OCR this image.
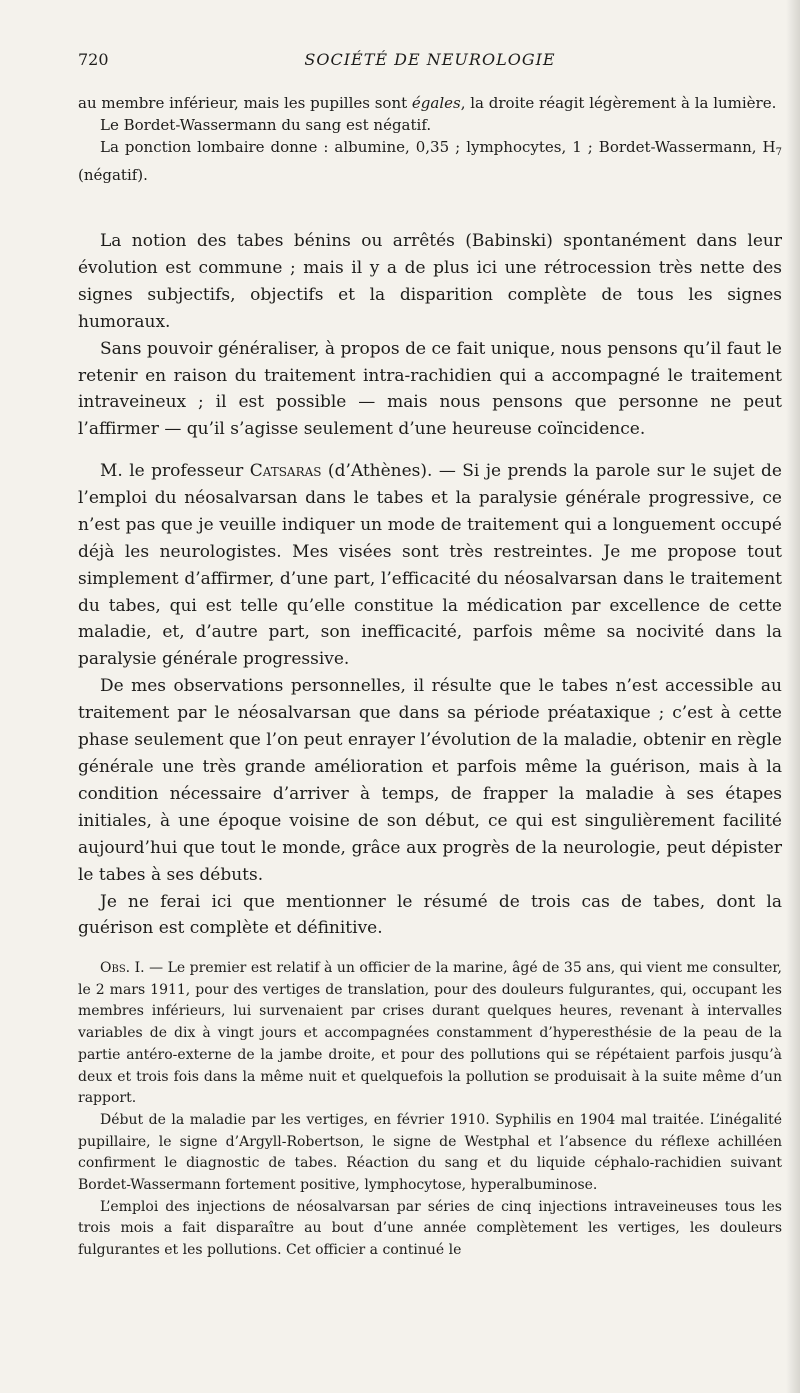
720	SOCIÉTÉ DE NEUROLOGIE

au membre inférieur, mais les pupilles sont égales, la droite réagit légèrement à la lumière.

Le Bordet-Wassermann du sang est négatif.

La ponction lombaire donne : albumine, 0,35 ; lymphocytes, 1 ; Bordet-Wassermann, $H_7$ (négatif).

La notion des tabes bénins ou arrêtés (Babinski) spontanément dans leur évolution est commune ; mais il y a de plus ici une rétrocession très nette des signes subjectifs, objectifs et la disparition complète de tous les signes humoraux.

Sans pouvoir généraliser, à propos de ce fait unique, nous pensons qu’il faut le retenir en raison du traitement intra-rachidien qui a accompagné le traitement intraveineux ; il est possible — mais nous pensons que personne ne peut l’affirmer — qu’il s’agisse seulement d’une heureuse coïncidence.

M. le professeur Catsaras (d’Athènes). — Si je prends la parole sur le sujet de l’emploi du néosalvarsan dans le tabes et la paralysie générale progressive, ce n’est pas que je veuille indiquer un mode de traitement qui a longuement occupé déjà les neurologistes. Mes visées sont très restreintes. Je me propose tout simplement d’affirmer, d’une part, l’efficacité du néosalvarsan dans le traitement du tabes, qui est telle qu’elle constitue la médication par excellence de cette maladie, et, d’autre part, son inefficacité, parfois même sa nocivité dans la paralysie générale progressive.

De mes observations personnelles, il résulte que le tabes n’est accessible au traitement par le néosalvarsan que dans sa période préataxique ; c’est à cette phase seulement que l’on peut enrayer l’évolution de la maladie, obtenir en règle générale une très grande amélioration et parfois même la guérison, mais à la condition nécessaire d’arriver à temps, de frapper la maladie à ses étapes initiales, à une époque voisine de son début, ce qui est singulièrement facilité aujourd’hui que tout le monde, grâce aux progrès de la neurologie, peut dépister le tabes à ses débuts.

Je ne ferai ici que mentionner le résumé de trois cas de tabes, dont la guérison est complète et définitive.

Obs. I. — Le premier est relatif à un officier de la marine, âgé de 35 ans, qui vient me consulter, le 2 mars 1911, pour des vertiges de translation, pour des douleurs fulgurantes, qui, occupant les membres inférieurs, lui survenaient par crises durant quelques heures, revenant à intervalles variables de dix à vingt jours et accompagnées constamment d’hyperesthésie de la peau de la partie antéro-externe de la jambe droite, et pour des pollutions qui se répétaient parfois jusqu’à deux et trois fois dans la même nuit et quelquefois la pollution se produisait à la suite même d’un rapport.

Début de la maladie par les vertiges, en février 1910. Syphilis en 1904 mal traitée. L’inégalité pupillaire, le signe d’Argyll-Robertson, le signe de Westphal et l’absence du réflexe achilléen confirment le diagnostic de tabes. Réaction du sang et du liquide céphalo-rachidien suivant Bordet-Wassermann fortement positive, lymphocytose, hyperalbuminose.

L’emploi des injections de néosalvarsan par séries de cinq injections intraveineuses tous les trois mois a fait disparaître au bout d’une année complètement les vertiges, les douleurs fulgurantes et les pollutions. Cet officier a continué le
